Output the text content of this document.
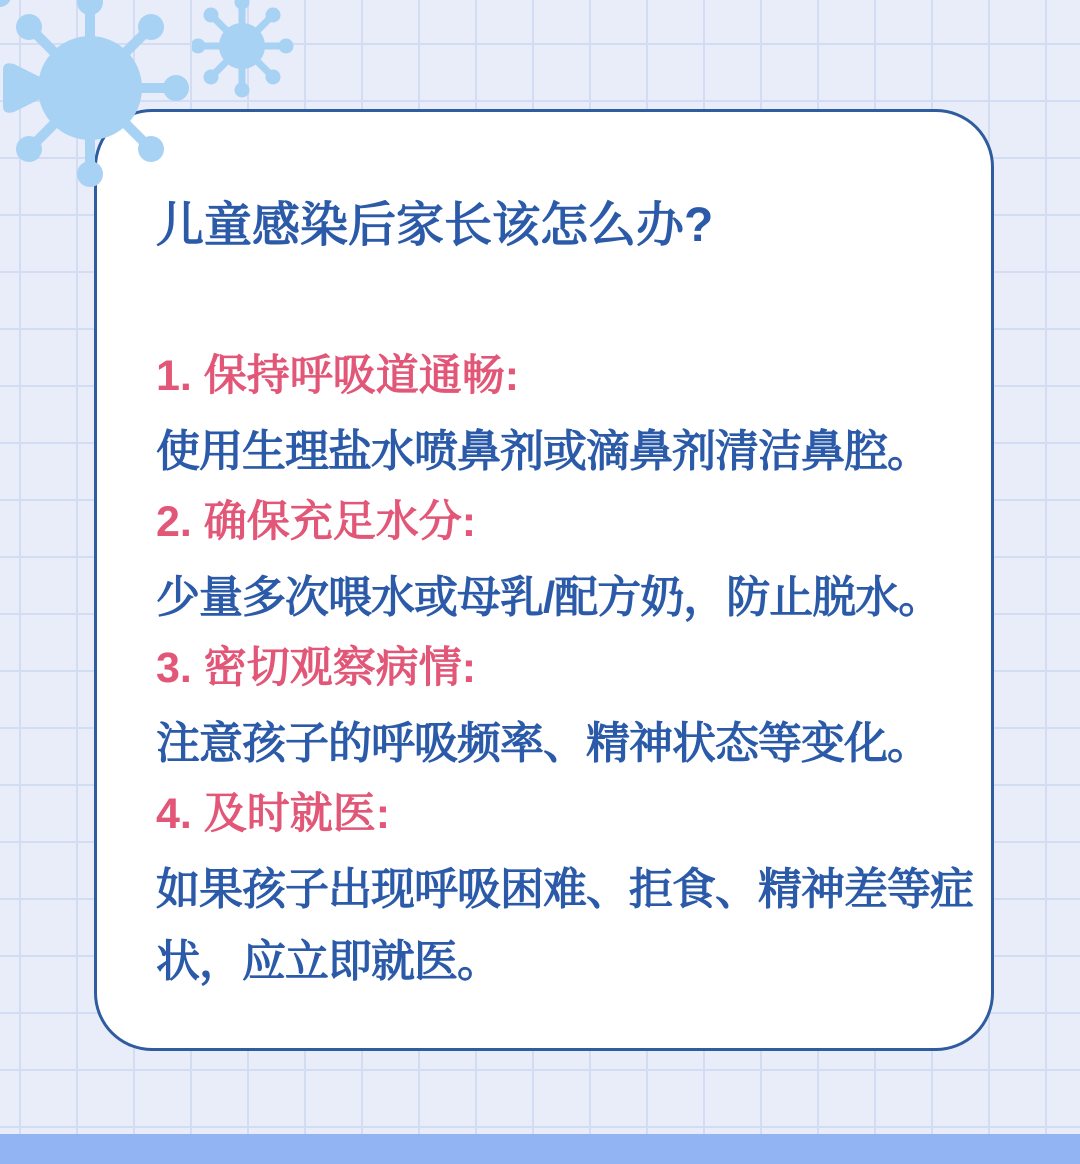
儿童感染后家长该怎么办?
1. 保持呼吸道通畅:
使用生理盐水喷鼻剂或滴鼻剂清洁鼻腔。
2. 确保充足水分:
少量多次喂水或母乳/配方奶，防止脱水。
3. 密切观察病情:
注意孩子的呼吸频率、精神状态等变化。
4. 及时就医:
如果孩子出现呼吸困难、拒食、精神差等症状，应立即就医。
